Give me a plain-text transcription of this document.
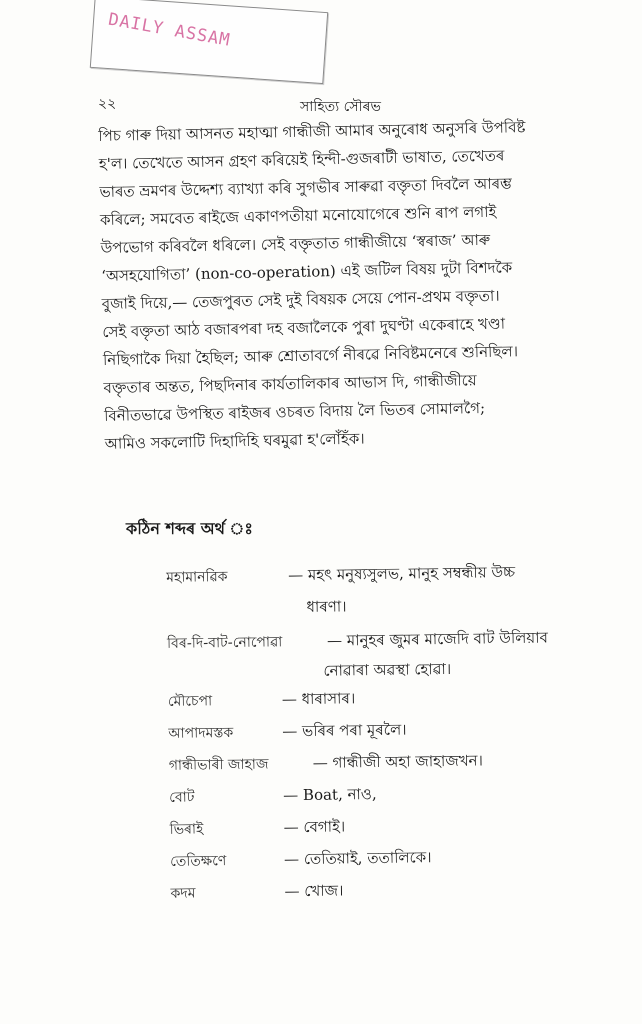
DAILY ASSAM
২২	সাহিত্য সৌৰভ
পিচ গাৰু দিয়া আসনত মহাত্মা গান্ধীজী আমাৰ অনুৰোধ অনুসৰি উপবিষ্ট
হ'ল। তেখেতে আসন গ্ৰহণ কৰিয়েই হিন্দী-গুজৰাটী ভাষাত, তেখেতৰ
ভাৰত ভ্ৰমণৰ উদ্দেশ্য ব্যাখ্যা কৰি সুগভীৰ সাৰুৱা বক্তৃতা দিবলৈ আৰম্ভ
কৰিলে; সমবেত ৰাইজে একাণপতীয়া মনোযোগেৰে শুনি ৰাপ লগাই
উপভোগ কৰিবলৈ ধৰিলে। সেই বক্তৃতাত গান্ধীজীয়ে ‘স্বৰাজ’ আৰু
‘অসহযোগিতা’ (non-co-operation) এই জটিল বিষয় দুটা বিশদকৈ
বুজাই দিয়ে,— তেজপুৰত সেই দুই বিষয়ক সেয়ে পোন-প্ৰথম বক্তৃতা।
সেই বক্তৃতা আঠ বজাৰপৰা দহ বজালৈকে পুৰা দুঘণ্টা একেৰাহে খণ্ডা
নিছিগাকৈ দিয়া হৈছিল; আৰু শ্ৰোতাবৰ্গে নীৰৱে নিবিষ্টমনেৰে শুনিছিল।
বক্তৃতাৰ অন্তত, পিছদিনাৰ কাৰ্যতালিকাৰ আভাস দি, গান্ধীজীয়ে
বিনীতভাৱে উপস্থিত ৰাইজৰ ওচৰত বিদায় লৈ ভিতৰ সোমালগৈ;
আমিও সকলোটি দিহাদিহি ঘৰমুৱা হ'লোঁহঁক।
কঠিন শব্দৰ অৰ্থ ঃ
মহামানৱিক	— মহৎ মনুষ্যসুলভ, মানুহ সম্বন্ধীয় উচ্চ
ধাৰণা।
বিৰ-দি-বাট-নোপোৱা	— মানুহৰ জুমৰ মাজেদি বাট উলিয়াব
নোৱাৰা অৱস্থা হোৱা।
মৌচেপা	— ধাৰাসাৰ।
আপাদমস্তক	— ভৰিৰ পৰা মূৰলৈ।
গান্ধীভাৰী জাহাজ	— গান্ধীজী অহা জাহাজখন।
বোট	— Boat, নাও,
ভিৰাই	— বেগাই।
তেতিক্ষণে	— তেতিয়াই, ততালিকে।
কদম	— খোজ।
